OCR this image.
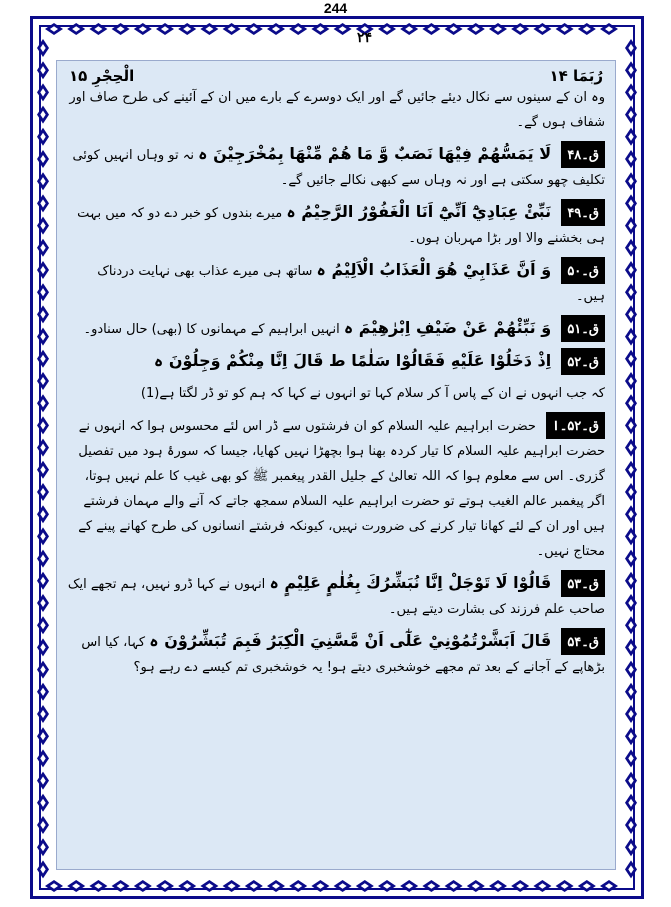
244
رُبَمَا ۱۴
الْحِجْرِ ۱۵
۲۴
وہ ان کے سینوں سے نکال دیئے جائیں گے اور ایک دوسرے کے بارے میں ان کے آئینے کی طرح صاف اور شفاف ہوں گے۔
ق۔۴۸ لَا يَمَسُّهُمْ فِيْهَا نَصَبٌ وَّ مَا هُمْ مِّنْهَا بِمُخْرَجِيْنَ ہ نہ تو وہاں انہیں کوئی تکلیف چھو سکتی ہے اور نہ وہاں سے کبھی نکالے جائیں گے۔
ق۔۴۹ نَبِّئْ عِبَادِيْٓ اَنِّيْٓ اَنَا الْغَفُوْرُ الرَّحِيْمُ ہ میرے بندوں کو خبر دے دو کہ میں بہت ہی بخشنے والا اور بڑا مہربان ہوں۔
ق۔۵۰ وَ اَنَّ عَذَابِيْ هُوَ الْعَذَابُ الْاَلِيْمُ ہ ساتھ ہی میرے عذاب بھی نہایت دردناک ہیں۔
ق۔۵۱ وَ نَبِّئْهُمْ عَنْ ضَيْفِ اِبْرٰهِيْمَ ہ انہیں ابراہیم کے مہمانوں کا (بھی) حال سنادو۔
ق۔۵۲ اِذْ دَخَلُوْا عَلَيْهِ فَقَالُوْا سَلٰمًا ط قَالَ اِنَّا مِنْكُمْ وَجِلُوْنَ ہ
کہ جب انہوں نے ان کے پاس آ کر سلام کہا تو انہوں نے کہا کہ ہم کو تو ڈر لگتا ہے(1)
ق۔۵۲۔ا حضرت ابراہیم علیہ السلام کو ان فرشتوں سے ڈر اس لئے محسوس ہوا کہ انہوں نے حضرت ابراہیم علیہ السلام کا تیار کردہ بھنا ہوا بچھڑا نہیں کھایا، جیسا کہ سورۂ ہود میں تفصیل گزری۔ اس سے معلوم ہوا کہ اللہ تعالیٰ کے جلیل القدر پیغمبر ﷺ کو بھی غیب کا علم نہیں ہوتا، اگر پیغمبر عالم الغیب ہوتے تو حضرت ابراہیم علیہ السلام سمجھ جاتے کہ آنے والے مہمان فرشتے ہیں اور ان کے لئے کھانا تیار کرنے کی ضرورت نہیں، کیونکہ فرشتے انسانوں کی طرح کھانے پینے کے محتاج نہیں۔
ق۔۵۳ قَالُوْا لَا تَوْجَلْ اِنَّا نُبَشِّرُكَ بِغُلٰمٍ عَلِيْمٍ ہ انہوں نے کہا ڈرو نہیں، ہم تجھے ایک صاحب علم فرزند کی بشارت دیتے ہیں۔
ق۔۵۴ قَالَ اَبَشَّرْتُمُوْنِيْ عَلٰٓى اَنْ مَّسَّنِيَ الْكِبَرُ فَبِمَ تُبَشِّرُوْنَ ہ کہا، کیا اس بڑھاپے کے آجانے کے بعد تم مجھے خوشخبری دیتے ہو! یہ خوشخبری تم کیسے دے رہے ہو؟
